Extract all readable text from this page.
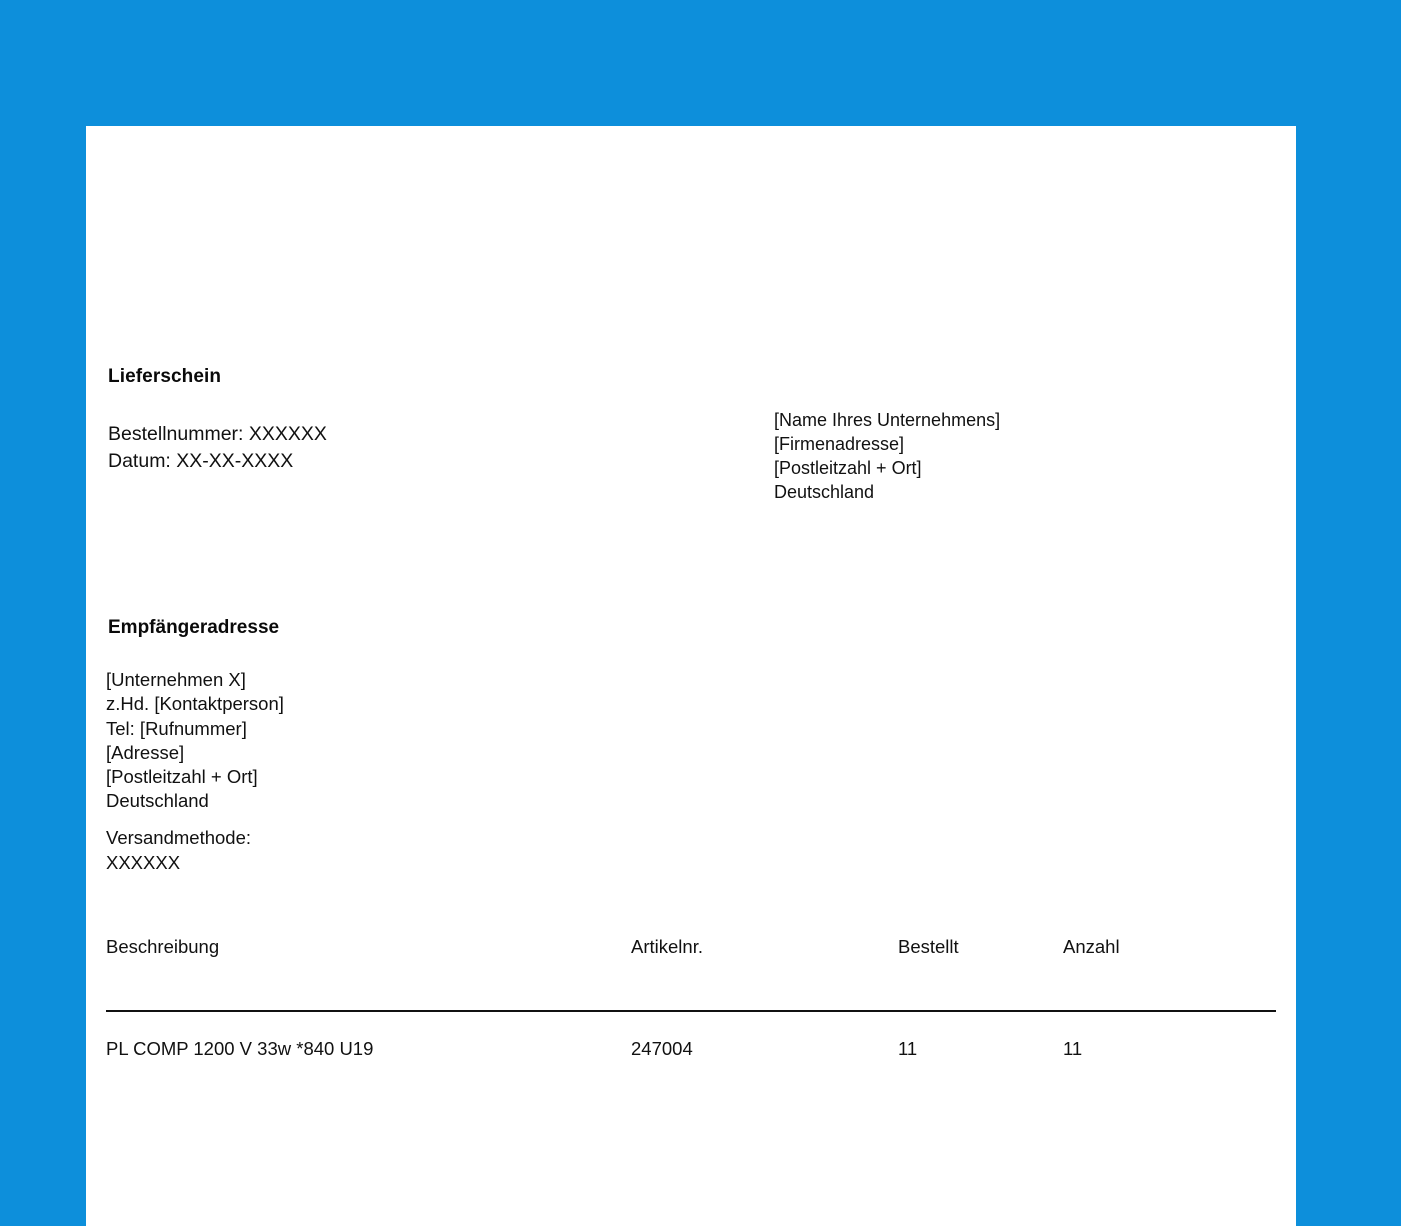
Lieferschein
Bestellnummer: XXXXXX
Datum: XX-XX-XXXX
[Name Ihres Unternehmens]
[Firmenadresse]
[Postleitzahl + Ort]
Deutschland
Empfängeradresse
[Unternehmen X]
z.Hd. [Kontaktperson]
Tel: [Rufnummer]
[Adresse]
[Postleitzahl + Ort]
Deutschland
Versandmethode:
XXXXXX
Beschreibung	Artikelnr.	Bestellt	Anzahl
PL COMP 1200 V 33w *840 U19	247004	11	11
